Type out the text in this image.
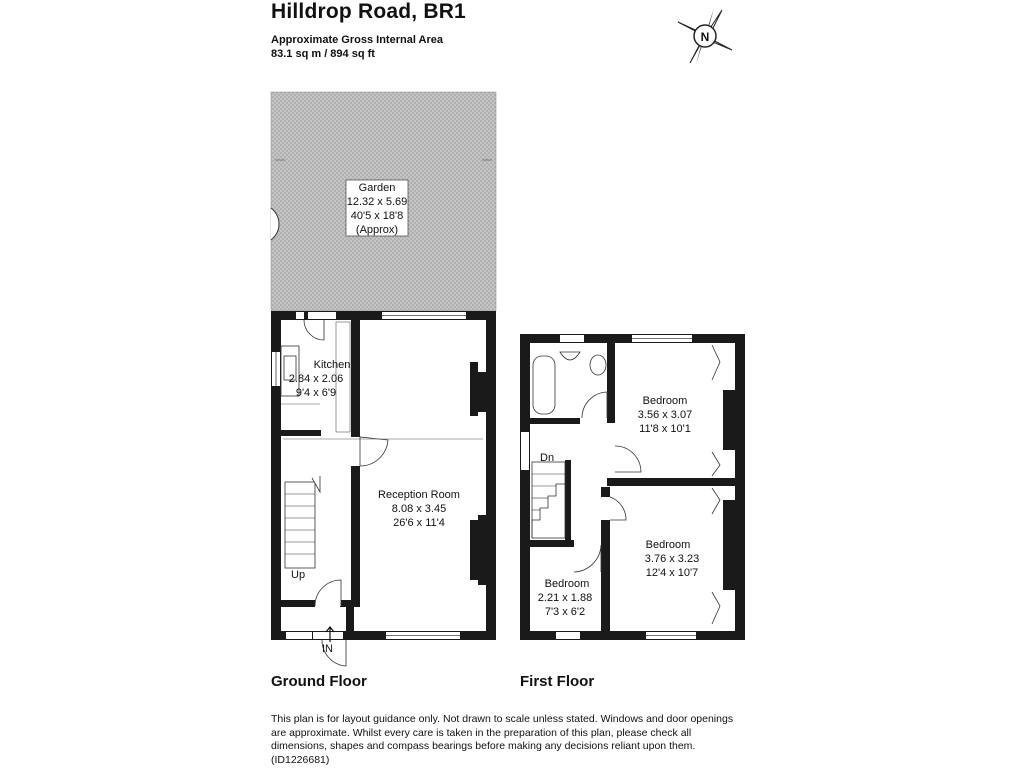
Hilldrop Road, BR1
Approximate Gross Internal Area
83.1 sq m / 894 sq ft
N
Garden
12.32 x 5.69
40'5 x 18'8
(Approx)
Kitchen
2.84 x 2.06
9'4 x 6'9
Reception Room
8.08 x 3.45
26'6 x 11'4
Up
IN
Dn
Bedroom
3.56 x 3.07
11'8 x 10'1
Bedroom
3.76 x 3.23
12'4 x 10'7
Bedroom
2.21 x 1.88
7'3 x 6'2
Ground Floor	First Floor
This plan is for layout guidance only. Not drawn to scale unless stated. Windows and door openings are approximate. Whilst every care is taken in the preparation of this plan, please check all dimensions, shapes and compass bearings before making any decisions reliant upon them. (ID1226681)
